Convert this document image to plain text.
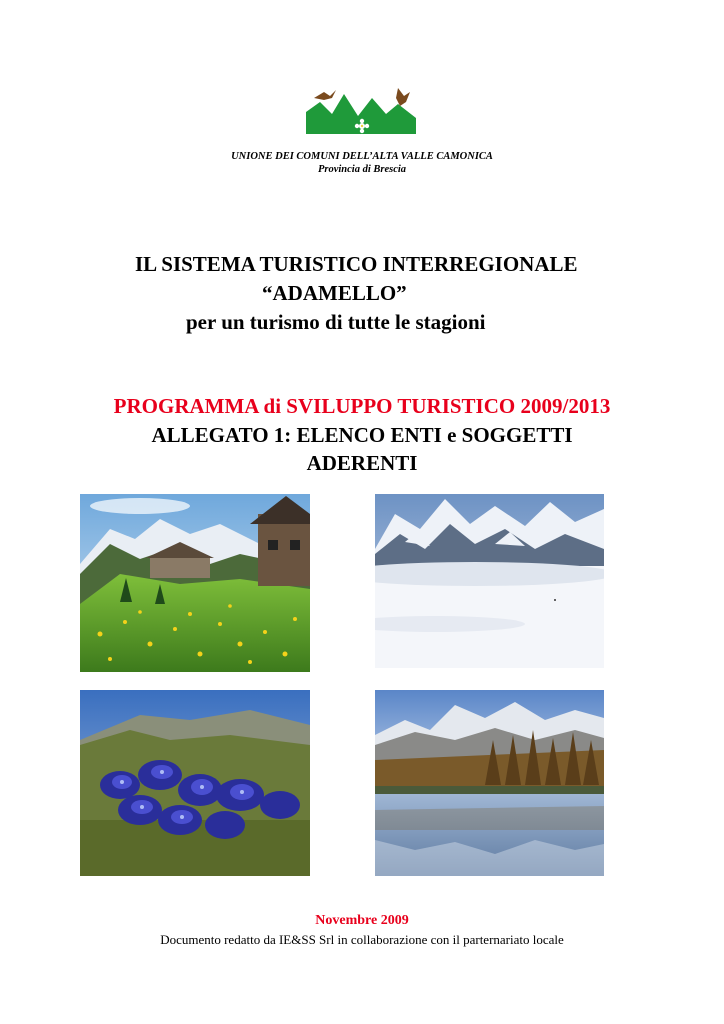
UNIONE DEI COMUNI DELL’ALTA VALLE CAMONICA
Provincia di Brescia
IL SISTEMA TURISTICO INTERREGIONALE
“ADAMELLO”
per un turismo di tutte le stagioni
PROGRAMMA di SVILUPPO TURISTICO 2009/2013
ALLEGATO 1: ELENCO ENTI e SOGGETTI
ADERENTI
Novembre 2009
Documento redatto da IE&SS Srl in collaborazione con il parternariato locale
